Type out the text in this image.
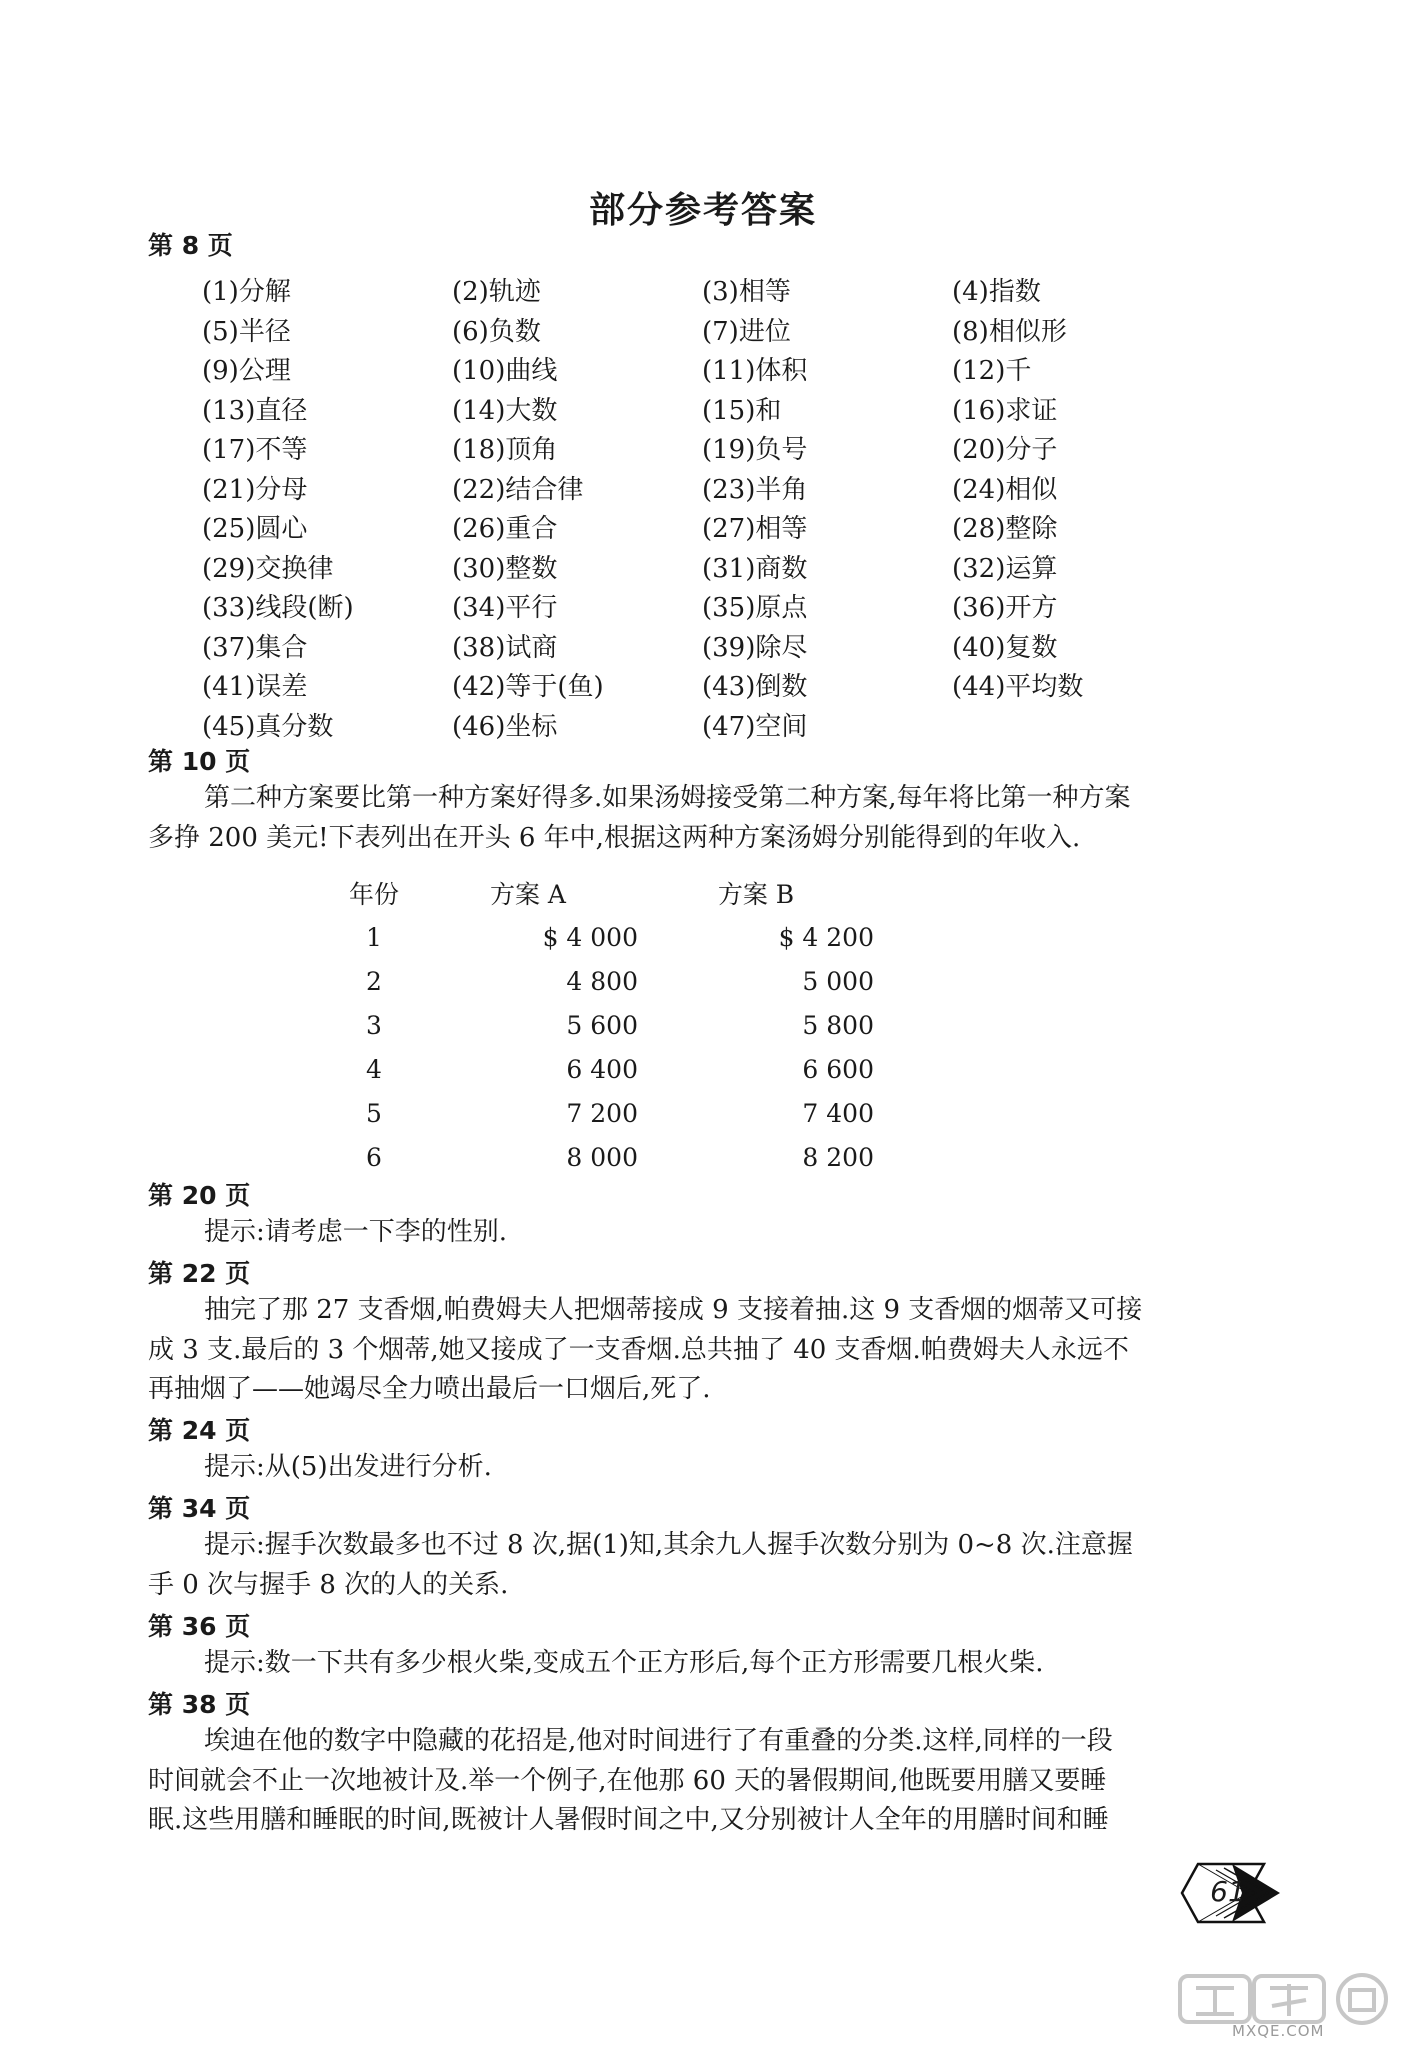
部分参考答案
第 8 页
(1)分解	(2)轨迹	(3)相等	(4)指数
(5)半径	(6)负数	(7)进位	(8)相似形
(9)公理	(10)曲线	(11)体积	(12)千
(13)直径	(14)大数	(15)和	(16)求证
(17)不等	(18)顶角	(19)负号	(20)分子
(21)分母	(22)结合律	(23)半角	(24)相似
(25)圆心	(26)重合	(27)相等	(28)整除
(29)交换律	(30)整数	(31)商数	(32)运算
(33)线段(断)	(34)平行	(35)原点	(36)开方
(37)集合	(38)试商	(39)除尽	(40)复数
(41)误差	(42)等于(鱼)	(43)倒数	(44)平均数
(45)真分数	(46)坐标	(47)空间
第 10 页
第二种方案要比第一种方案好得多.如果汤姆接受第二种方案,每年将比第一种方案
多挣 200 美元!下表列出在开头 6 年中,根据这两种方案汤姆分别能得到的年收入.
年份	方案 A	方案 B
1	$ 4 000	$ 4 200
2	4 800	5 000
3	5 600	5 800
4	6 400	6 600
5	7 200	7 400
6	8 000	8 200
第 20 页
提示:请考虑一下李的性别.
第 22 页
抽完了那 27 支香烟,帕费姆夫人把烟蒂接成 9 支接着抽.这 9 支香烟的烟蒂又可接
成 3 支.最后的 3 个烟蒂,她又接成了一支香烟.总共抽了 40 支香烟.帕费姆夫人永远不
再抽烟了——她竭尽全力喷出最后一口烟后,死了.
第 24 页
提示:从(5)出发进行分析.
第 34 页
提示:握手次数最多也不过 8 次,据(1)知,其余九人握手次数分别为 0~8 次.注意握
手 0 次与握手 8 次的人的关系.
第 36 页
提示:数一下共有多少根火柴,变成五个正方形后,每个正方形需要几根火柴.
第 38 页
埃迪在他的数字中隐藏的花招是,他对时间进行了有重叠的分类.这样,同样的一段
时间就会不止一次地被计及.举一个例子,在他那 60 天的暑假期间,他既要用膳又要睡
眠.这些用膳和睡眠的时间,既被计人暑假时间之中,又分别被计人全年的用膳时间和睡
61
MXQE.COM
